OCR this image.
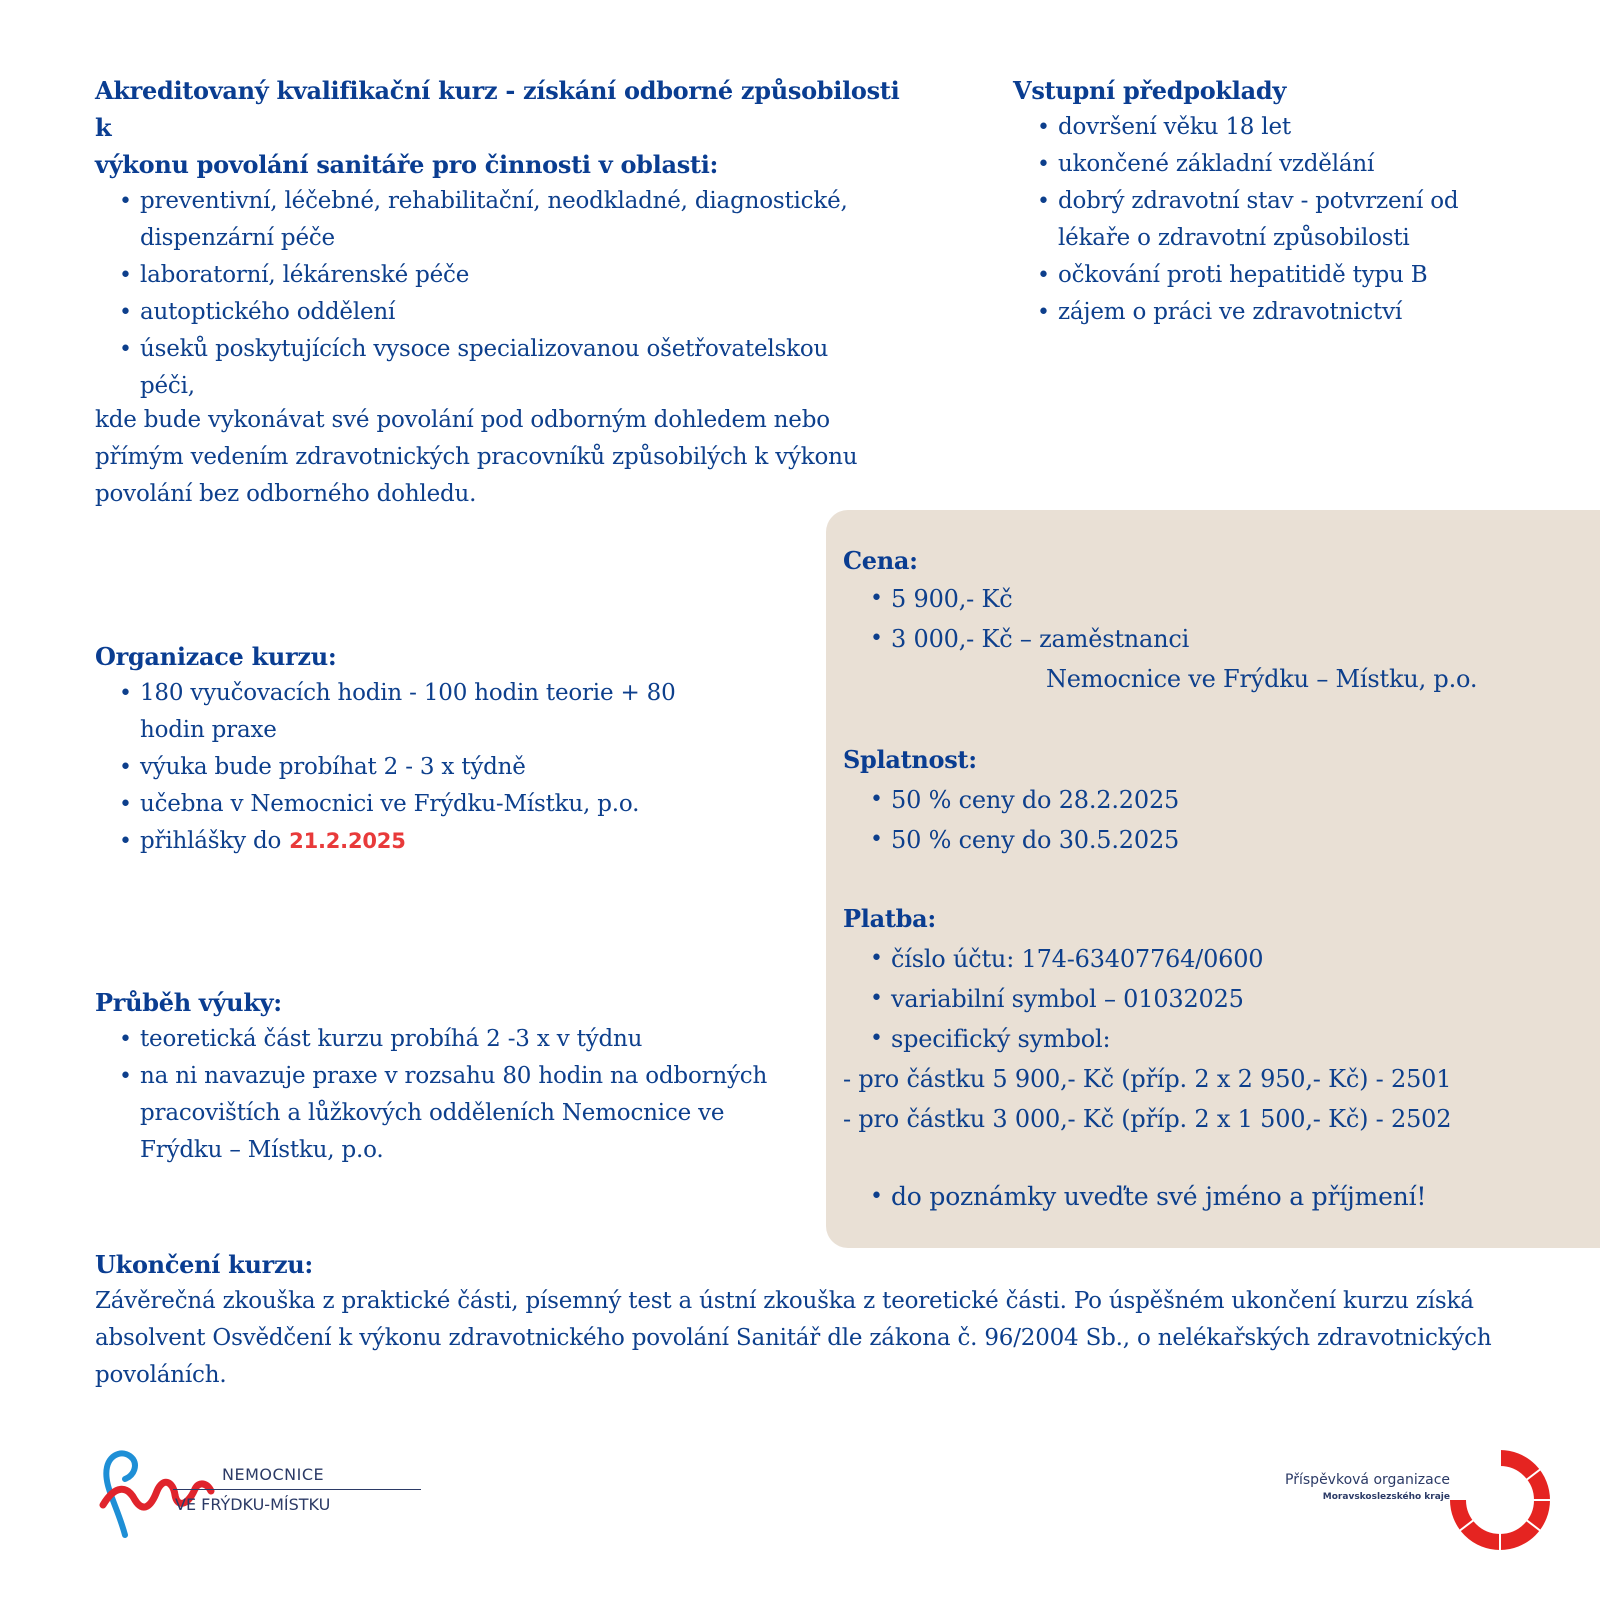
Akreditovaný kvalifikační kurz - získání odborné způsobilosti k

výkonu povolání sanitáře pro činnosti v oblasti:

• preventivní, léčebné, rehabilitační, neodkladné, diagnostické, dispenzární péče
• laboratorní, lékárenské péče
• autoptického oddělení
• úseků poskytujících vysoce specializovanou ošetřovatelskou péči,

kde bude vykonávat své povolání pod odborným dohledem nebo přímým vedením zdravotnických pracovníků způsobilých k výkonu povolání bez odborného dohledu.

Vstupní předpoklady

• dovršení věku 18 let
• ukončené základní vzdělání
• dobrý zdravotní stav - potvrzení od lékaře o zdravotní způsobilosti
• očkování proti hepatitidě typu B
• zájem o práci ve zdravotnictví

Organizace kurzu:

• 180 vyučovacích hodin - 100 hodin teorie + 80 hodin praxe
• výuka bude probíhat 2 - 3 x týdně
• učebna v Nemocnici ve Frýdku-Místku, p.o.
• přihlášky do 21.2.2025

Průběh výuky:

• teoretická část kurzu probíhá 2 -3 x v týdnu
• na ni navazuje praxe v rozsahu 80 hodin na odborných pracovištích a lůžkových odděleních Nemocnice ve Frýdku – Místku, p.o.

Cena:

• 5 900,- Kč
• 3 000,- Kč – zaměstnanci
Nemocnice ve Frýdku – Místku, p.o.

Splatnost:

• 50 % ceny do 28.2.2025
• 50 % ceny do 30.5.2025

Platba:

• číslo účtu: 174-63407764/0600
• variabilní symbol – 01032025
• specifický symbol:

- pro částku 5 900,- Kč (příp. 2 x 2 950,- Kč) - 2501

- pro částku 3 000,- Kč (příp. 2 x 1 500,- Kč) - 2502

• do poznámky uveďte své jméno a příjmení!

Ukončení kurzu:

Závěrečná zkouška z praktické části, písemný test a ústní zkouška z teoretické části. Po úspěšném ukončení kurzu získá absolvent Osvědčení k výkonu zdravotnického povolání Sanitář dle zákona č. 96/2004 Sb., o nelékařských zdravotnických povoláních.

NEMOCNICE
VE FRÝDKU-MÍSTKU
Příspěvková organizace
Moravskoslezského kraje
